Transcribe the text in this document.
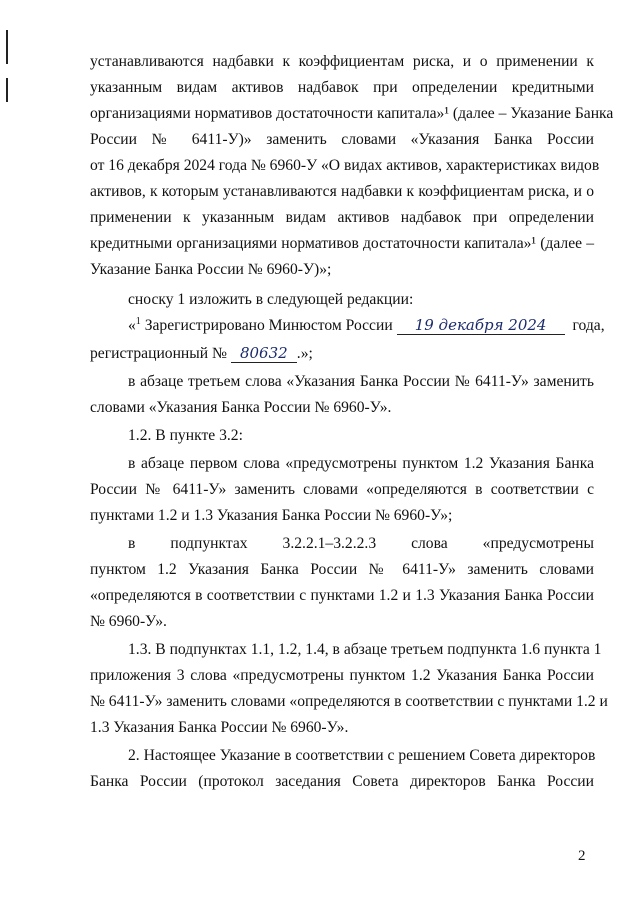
устанавливаются надбавки к коэффициентам риска, и о применении к
указанным видам активов надбавок при определении кредитными
организациями нормативов достаточности капитала»¹ (далее – Указание Банка
России № 6411-У)» заменить словами «Указания Банка России
от 16 декабря 2024 года № 6960-У «О видах активов, характеристиках видов
активов, к которым устанавливаются надбавки к коэффициентам риска, и о
применении к указанным видам активов надбавок при определении
кредитными организациями нормативов достаточности капитала»¹ (далее –
Указание Банка России № 6960-У)»;
сноску 1 изложить в следующей редакции:
«$^1$ Зарегистрировано Минюстом России 19 декабря 2024 года,
регистрационный № 80632 .»;
в абзаце третьем слова «Указания Банка России № 6411-У» заменить
словами «Указания Банка России № 6960-У».
1.2. В пункте 3.2:
в абзаце первом слова «предусмотрены пунктом 1.2 Указания Банка
России № 6411-У» заменить словами «определяются в соответствии с
пунктами 1.2 и 1.3 Указания Банка России № 6960-У»;
в подпунктах 3.2.2.1–3.2.2.3 слова «предусмотрены
пунктом 1.2 Указания Банка России № 6411-У» заменить словами
«определяются в соответствии с пунктами 1.2 и 1.3 Указания Банка России
№ 6960-У».
1.3. В подпунктах 1.1, 1.2, 1.4, в абзаце третьем подпункта 1.6 пункта 1
приложения 3 слова «предусмотрены пунктом 1.2 Указания Банка России
№ 6411-У» заменить словами «определяются в соответствии с пунктами 1.2 и
1.3 Указания Банка России № 6960-У».
2. Настоящее Указание в соответствии с решением Совета директоров
Банка России (протокол заседания Совета директоров Банка России
2
